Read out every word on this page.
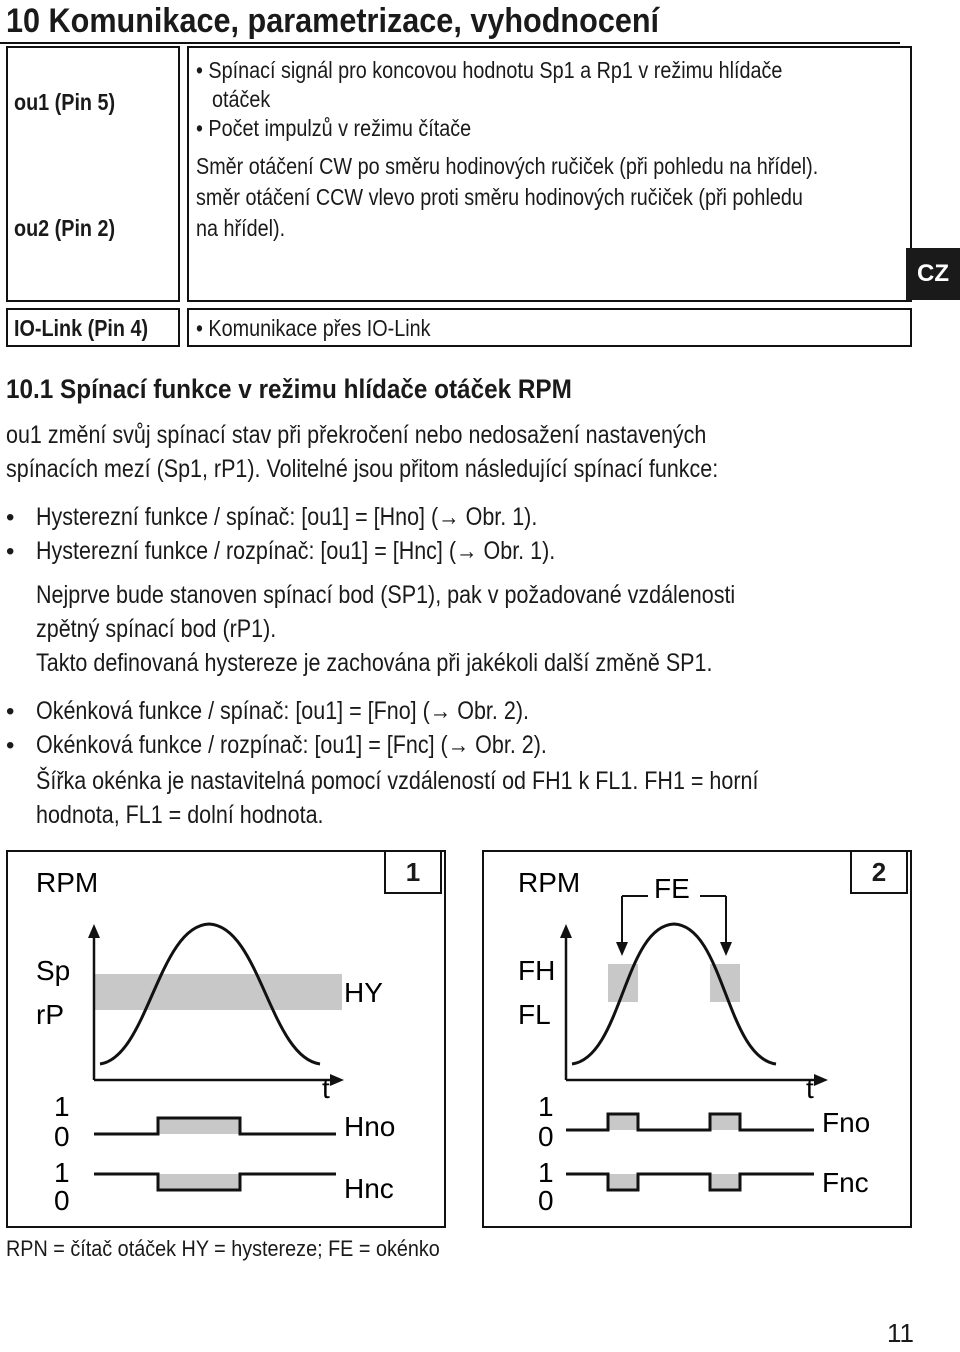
10 Komunikace, parametrizace, vyhodnocení
ou1 (Pin 5)
ou2 (Pin 2)
IO-Link (Pin 4)
• Spínací signál pro koncovou hodnotu Sp1 a Rp1 v režimu hlídače
otáček
• Počet impulzů v režimu čítače
Směr otáčení CW po směru hodinových ručiček (při pohledu na hřídel).
směr otáčení CCW vlevo proti směru hodinových ručiček (při pohledu
na hřídel).
• Komunikace přes IO-Link
CZ
10.1 Spínací funkce v režimu hlídače otáček RPM
ou1 změní svůj spínací stav při překročení nebo nedosažení nastavených
spínacích mezí (Sp1, rP1). Volitelné jsou přitom následující spínací funkce:
• Hysterezní funkce / spínač: [ou1] = [Hno] (→ Obr. 1).
• Hysterezní funkce / rozpínač: [ou1] = [Hnc] (→ Obr. 1).
Nejprve bude stanoven spínací bod (SP1), pak v požadované vzdálenosti
zpětný spínací bod (rP1).
Takto definovaná hystereze je zachována při jakékoli další změně SP1.
• Okénková funkce / spínač: [ou1] = [Fno] (→ Obr. 2).
• Okénková funkce / rozpínač: [ou1] = [Fnc] (→ Obr. 2).
Šířka okénka je nastavitelná pomocí vzdáleností od FH1 k FL1. FH1 = horní
hodnota, FL1 = dolní hodnota.
RPM
Sp
rP
HY
t
1
0
1
0
Hno
Hnc
1	RPM	FE
FH
FL
t
1
0
1
0
Fno
Fnc
2
RPN = čítač otáček HY = hystereze; FE = okénko
11
